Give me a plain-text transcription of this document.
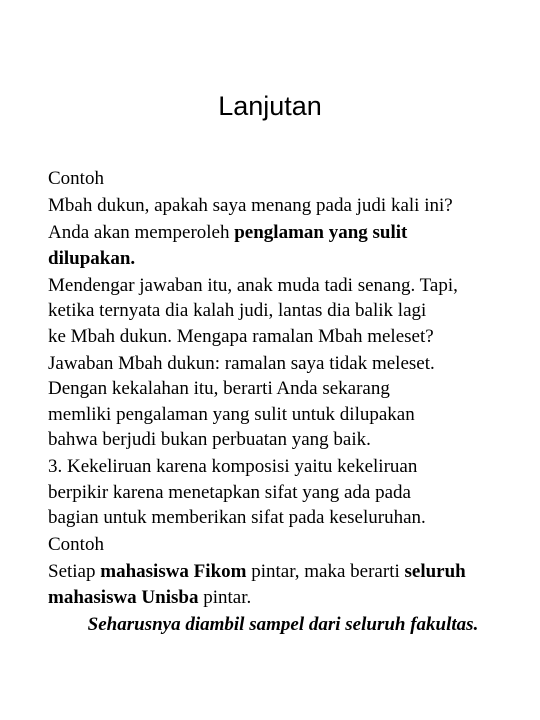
Lanjutan
Contoh
Mbah dukun, apakah saya menang pada judi kali ini?
Anda akan memperoleh penglaman yang sulit
dilupakan.
Mendengar jawaban itu, anak muda tadi senang. Tapi,
ketika ternyata dia kalah judi, lantas dia balik lagi
ke Mbah dukun. Mengapa ramalan Mbah meleset?
Jawaban Mbah dukun: ramalan saya tidak meleset.
Dengan kekalahan itu, berarti Anda sekarang
memliki pengalaman yang sulit untuk dilupakan
bahwa berjudi bukan perbuatan yang baik.
3. Kekeliruan karena komposisi yaitu kekeliruan
berpikir karena menetapkan sifat yang ada pada
bagian untuk memberikan sifat pada keseluruhan.
Contoh
Setiap mahasiswa Fikom pintar, maka berarti seluruh
mahasiswa Unisba pintar.
Seharusnya diambil sampel dari seluruh fakultas.
